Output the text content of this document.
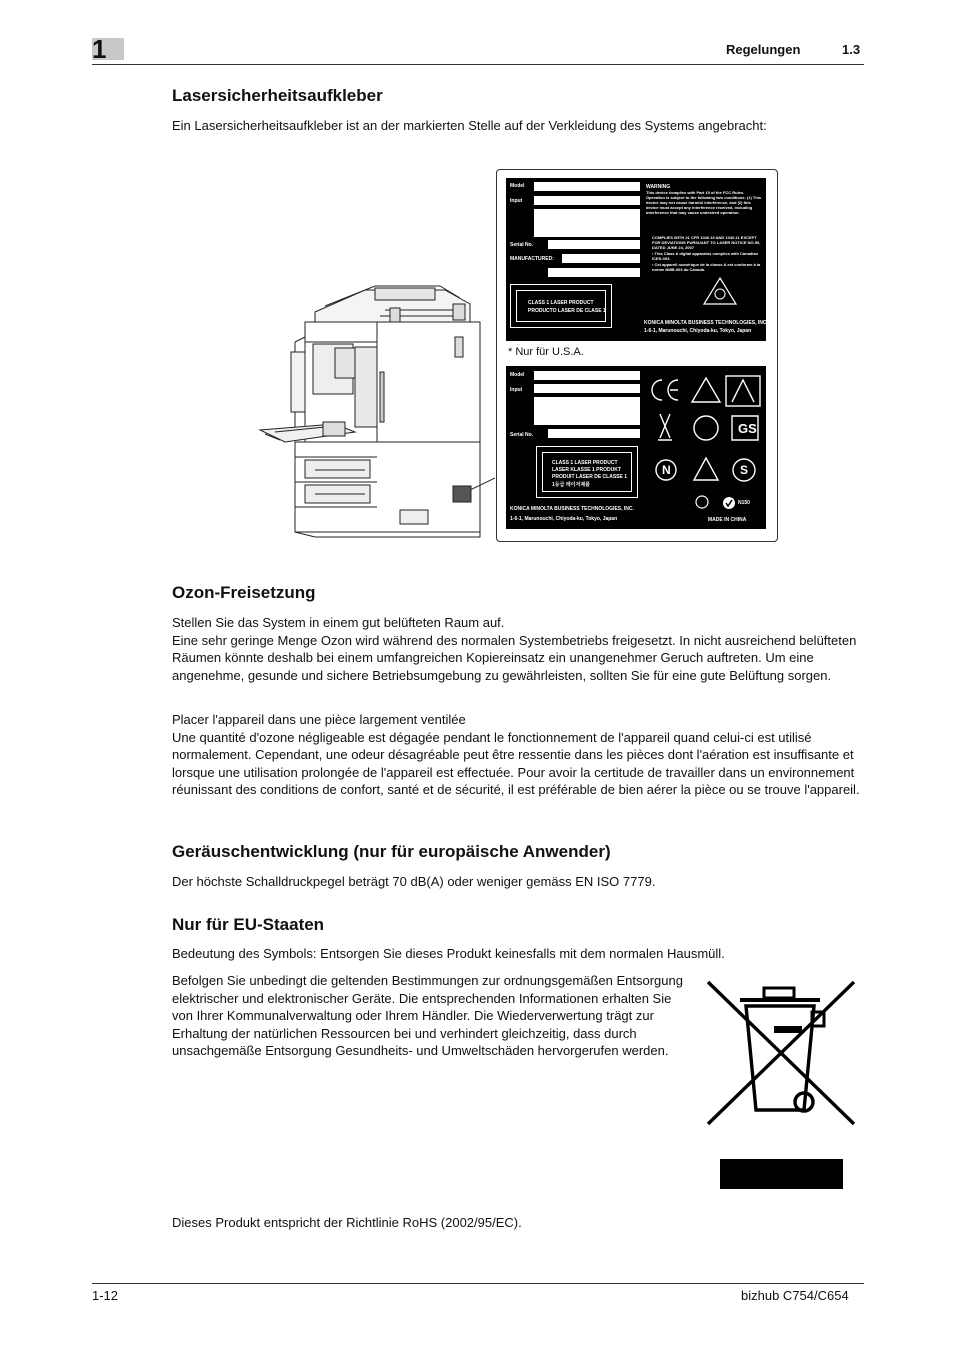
1	Regelungen	1.3
Lasersicherheitsaufkleber

Ein Lasersicherheitsaufkleber ist an der markierten Stelle auf der Verkleidung des Systems angebracht:

Model
Input
Serial No.
MANUFACTURED:
WARNING
This device complies with Part 15 of the FCC Rules. Operation is subject to the following two conditions: (1) This device may not cause harmful interference, and (2) this device must accept any interference received, including interference that may cause undesired operation.
COMPLIES WITH 21 CFR 1040.10 AND 1040.11 EXCEPT FOR DEVIATIONS PURSUANT TO LASER NOTICE NO.50, DATED JUNE 24, 2007
• This Class A digital apparatus complies with Canadian ICES-003.
• Cet appareil numérique de la classe A est conforme à la norme NMB-003 du Canada.
CLASS 1 LASER PRODUCT
PRODUCTO LASER DE CLASE 1
KONICA MINOLTA BUSINESS TECHNOLOGIES, INC.
1-6-1, Marunouchi, Chiyoda-ku, Tokyo, Japan
* Nur für U.S.A.
Model
Input
Serial No.
CLASS 1 LASER PRODUCT
LASER KLASSE 1 PRODUKT
PRODUIT LASER DE CLASSE 1
1등급 레이저제품
N	S
GS
N150
KONICA MINOLTA BUSINESS TECHNOLOGIES, INC.
1-6-1, Marunouchi, Chiyoda-ku, Tokyo, Japan	MADE IN CHINA
Ozon-Freisetzung
Stellen Sie das System in einem gut belüfteten Raum auf.
Eine sehr geringe Menge Ozon wird während des normalen Systembetriebs freigesetzt. In nicht ausreichend belüfteten Räumen könnte deshalb bei einem umfangreichen Kopiereinsatz ein unangenehmer Geruch auftreten. Um eine angenehme, gesunde und sichere Betriebsumgebung zu gewährleisten, sollten Sie für eine gute Belüftung sorgen.
Placer l'appareil dans une pièce largement ventilée
Une quantité d'ozone négligeable est dégagée pendant le fonctionnement de l'appareil quand celui-ci est utilisé normalement. Cependant, une odeur désagréable peut être ressentie dans les pièces dont l'aération est insuffisante et lorsque une utilisation prolongée de l'appareil est effectuée. Pour avoir la certitude de travailler dans un environnement réunissant des conditions de confort, santé et de sécurité, il est préférable de bien aérer la pièce ou se trouve l'appareil.
Geräuschentwicklung (nur für europäische Anwender)

Der höchste Schalldruckpegel beträgt 70 dB(A) oder weniger gemäss EN ISO 7779.

Nur für EU-Staaten

Bedeutung des Symbols: Entsorgen Sie dieses Produkt keinesfalls mit dem normalen Hausmüll.

Befolgen Sie unbedingt die geltenden Bestimmungen zur ordnungsgemäßen Entsorgung elektrischer und elektronischer Geräte. Die entsprechenden Informationen erhalten Sie von Ihrer Kommunalverwaltung oder Ihrem Händler. Die Wiederverwertung trägt zur Erhaltung der natürlichen Ressourcen bei und verhindert gleichzeitig, dass durch unsachgemäße Entsorgung Gesundheits- und Umweltschäden hervorgerufen werden.

Dieses Produkt entspricht der Richtlinie RoHS (2002/95/EC).

1-12	bizhub C754/C654
